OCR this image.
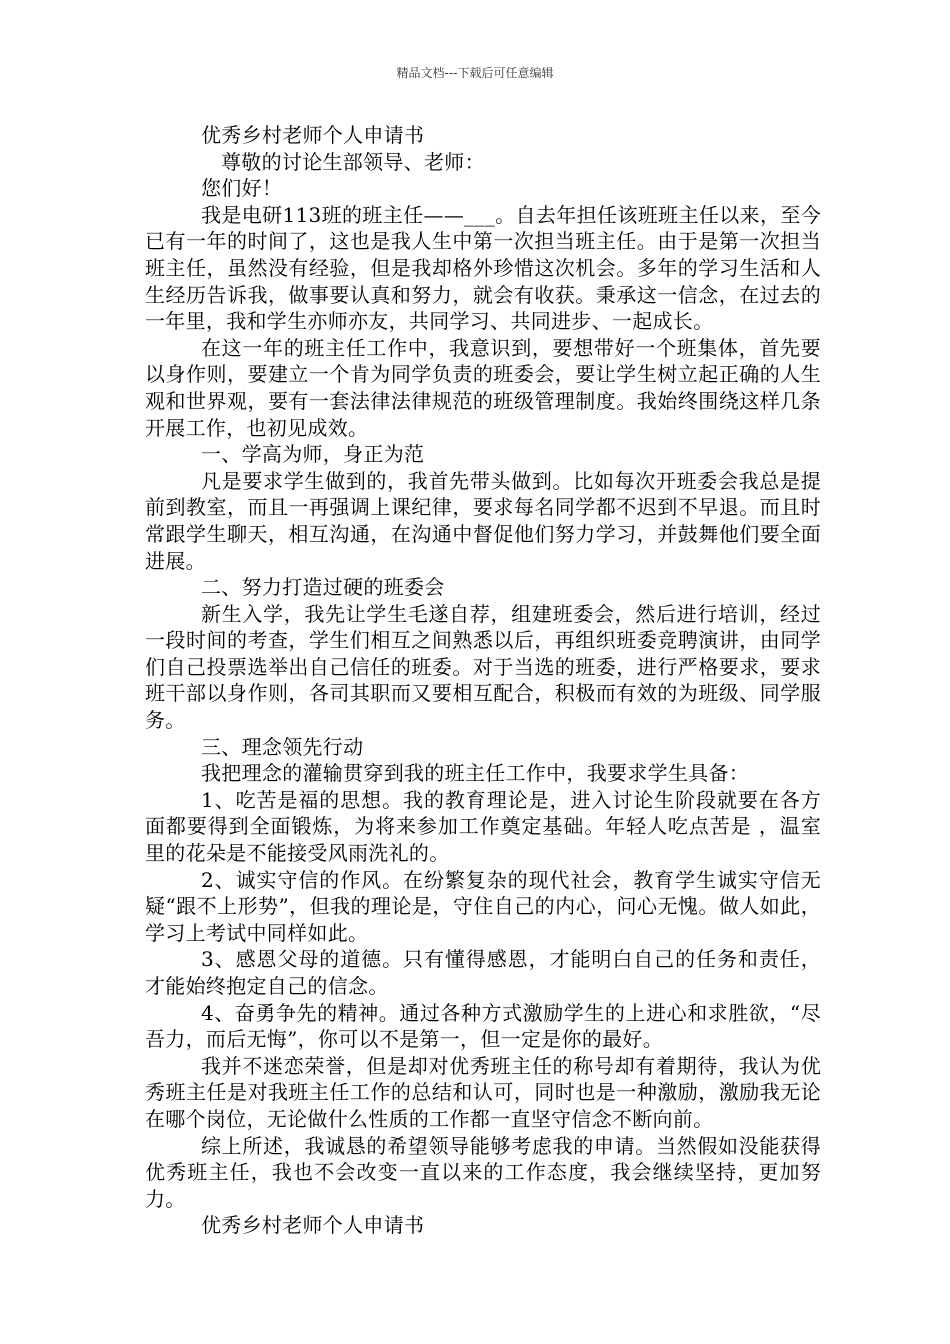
精品文档---下载后可任意编辑

优秀乡村老师个人申请书

尊敬的讨论生部领导、老师：

您们好！

我是电研113班的班主任——___。自去年担任该班班主任以来，至今已有一年的时间了，这也是我人生中第一次担当班主任。由于是第一次担当班主任，虽然没有经验，但是我却格外珍惜这次机会。多年的学习生活和人生经历告诉我，做事要认真和努力，就会有收获。秉承这一信念，在过去的一年里，我和学生亦师亦友，共同学习、共同进步、一起成长。

在这一年的班主任工作中，我意识到，要想带好一个班集体，首先要以身作则，要建立一个肯为同学负责的班委会，要让学生树立起正确的人生观和世界观，要有一套法律法律规范的班级管理制度。我始终围绕这样几条开展工作，也初见成效。

一、学高为师，身正为范

凡是要求学生做到的，我首先带头做到。比如每次开班委会我总是提前到教室，而且一再强调上课纪律，要求每名同学都不迟到不早退。而且时常跟学生聊天，相互沟通，在沟通中督促他们努力学习，并鼓舞他们要全面进展。

二、努力打造过硬的班委会

新生入学，我先让学生毛遂自荐，组建班委会，然后进行培训，经过一段时间的考查，学生们相互之间熟悉以后，再组织班委竞聘演讲，由同学们自己投票选举出自己信任的班委。对于当选的班委，进行严格要求，要求班干部以身作则，各司其职而又要相互配合，积极而有效的为班级、同学服务。

三、理念领先行动

我把理念的灌输贯穿到我的班主任工作中，我要求学生具备：

1、吃苦是福的思想。我的教育理论是，进入讨论生阶段就要在各方面都要得到全面锻炼，为将来参加工作奠定基础。年轻人吃点苦是 ，温室里的花朵是不能接受风雨洗礼的。

2、诚实守信的作风。在纷繁复杂的现代社会，教育学生诚实守信无疑“跟不上形势”，但我的理论是，守住自己的内心，问心无愧。做人如此，学习上考试中同样如此。

3、感恩父母的道德。只有懂得感恩，才能明白自己的任务和责任，才能始终抱定自己的信念。

4、奋勇争先的精神。通过各种方式激励学生的上进心和求胜欲，“尽吾力，而后无悔”，你可以不是第一，但一定是你的最好。

我并不迷恋荣誉，但是却对优秀班主任的称号却有着期待，我认为优秀班主任是对我班主任工作的总结和认可，同时也是一种激励，激励我无论在哪个岗位，无论做什么性质的工作都一直坚守信念不断向前。

综上所述，我诚恳的希望领导能够考虑我的申请。当然假如没能获得优秀班主任，我也不会改变一直以来的工作态度，我会继续坚持，更加努力。

优秀乡村老师个人申请书
